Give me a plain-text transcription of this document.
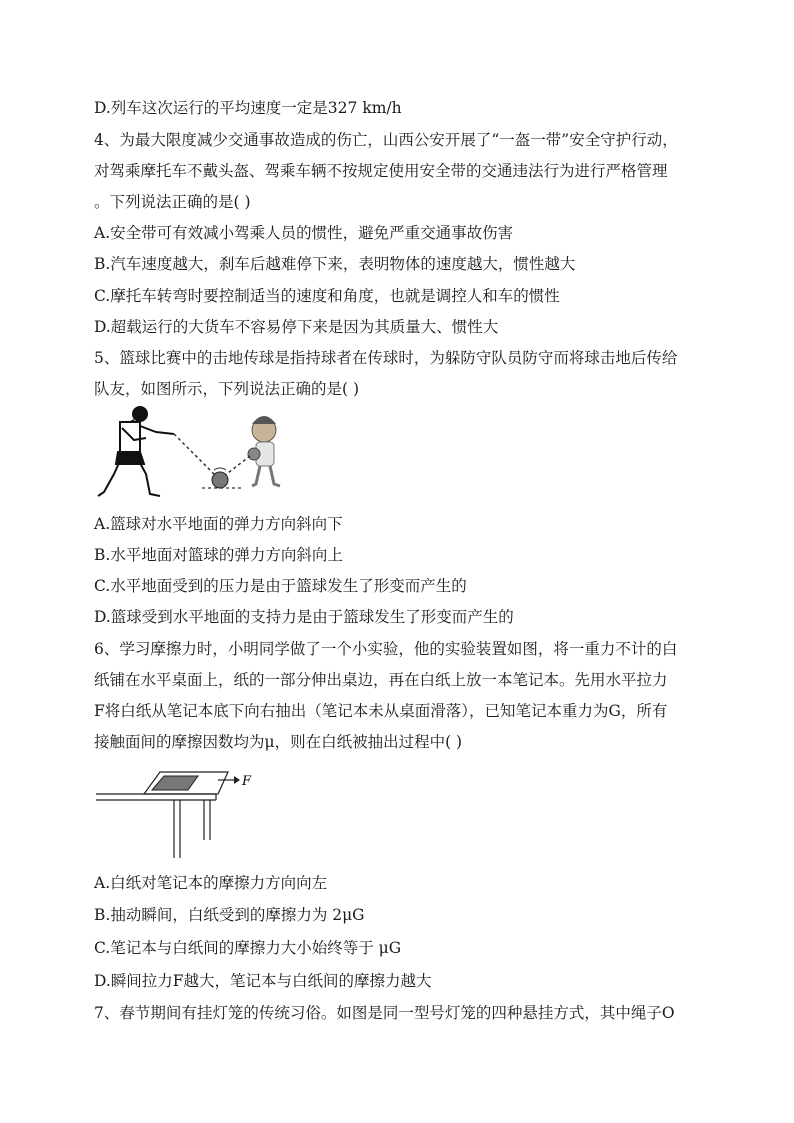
D.列车这次运行的平均速度一定是327 km/h
4、为最大限度减少交通事故造成的伤亡，山西公安开展了“一盔一带”安全守护行动，
对驾乘摩托车不戴头盔、驾乘车辆不按规定使用安全带的交通违法行为进行严格管理
。下列说法正确的是( )
A.安全带可有效减小驾乘人员的惯性，避免严重交通事故伤害
B.汽车速度越大，刹车后越难停下来，表明物体的速度越大，惯性越大
C.摩托车转弯时要控制适当的速度和角度，也就是调控人和车的惯性
D.超载运行的大货车不容易停下来是因为其质量大、惯性大
5、篮球比赛中的击地传球是指持球者在传球时，为躲防守队员防守而将球击地后传给
队友，如图所示，下列说法正确的是( )
A.篮球对水平地面的弹力方向斜向下
B.水平地面对篮球的弹力方向斜向上
C.水平地面受到的压力是由于篮球发生了形变而产生的
D.篮球受到水平地面的支持力是由于篮球发生了形变而产生的
6、学习摩擦力时，小明同学做了一个小实验，他的实验装置如图，将一重力不计的白
纸铺在水平桌面上，纸的一部分伸出桌边，再在白纸上放一本笔记本。先用水平拉力
F将白纸从笔记本底下向右抽出（笔记本未从桌面滑落），已知笔记本重力为G，所有
接触面间的摩擦因数均为μ，则在白纸被抽出过程中( )
F
A.白纸对笔记本的摩擦力方向向左
B.抽动瞬间，白纸受到的摩擦力为 2μG
C.笔记本与白纸间的摩擦力大小始终等于 μG
D.瞬间拉力F越大，笔记本与白纸间的摩擦力越大
7、春节期间有挂灯笼的传统习俗。如图是同一型号灯笼的四种悬挂方式，其中绳子O
